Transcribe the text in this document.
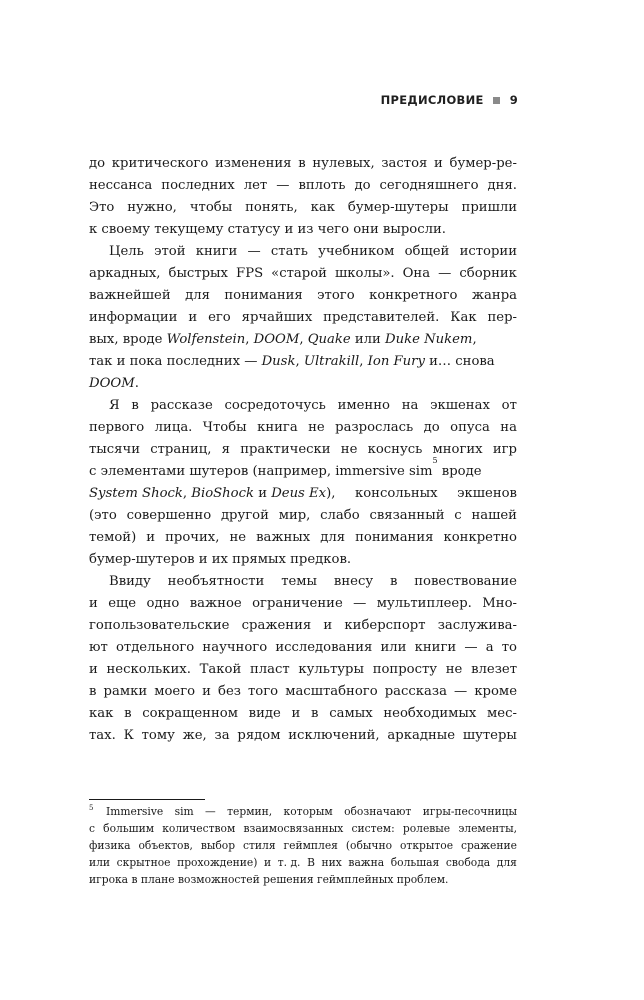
ПРЕДИСЛОВИЕ 9
до критического изменения в нулевых, застоя и бумер-ре-
нессанса последних лет — вплоть до сегодняшнего дня.
Это нужно, чтобы понять, как бумер-шутеры пришли
к своему текущему статусу и из чего они выросли.
Цель этой книги — стать учебником общей истории
аркадных, быстрых FPS «старой школы». Она — сборник
важнейшей для понимания этого конкретного жанра
информации и его ярчайших представителей. Как пер-
вых, вроде Wolfenstein , DOOM , Quake или Duke Nukem ,
так и пока последних — Dusk , Ultrakill , Ion Fury и… снова
DOOM .
Я в рассказе сосредоточусь именно на экшенах от
первого лица. Чтобы книга не разрослась до опуса на
тысячи страниц, я практически не коснусь многих игр
с элементами шутеров (например, immersive sim
5
вроде
System Shock, BioShock и Deus Ex), консольных экшенов
(это совершенно другой мир, слабо связанный с нашей
темой) и прочих, не важных для понимания конкретно
бумер-шутеров и их прямых предков.
Ввиду необъятности темы внесу в повествование
и еще одно важное ограничение — мультиплеер. Мно-
гопользовательские сражения и киберспорт заслужива-
ют отдельного научного исследования или книги — а то
и нескольких. Такой пласт культуры попросту не влезет
в рамки моего и без того масштабного рассказа — кроме
как в сокращенном виде и в самых необходимых мес-
тах. К тому же, за рядом исключений, аркадные шутеры
5 Immersive sim — термин, которым обозначают игры-песочницы
с большим количеством взаимосвязанных систем: ролевые элементы,
физика объектов, выбор стиля геймплея (обычно открытое сражение
или скрытное прохождение) и т. д. В них важна большая свобода для
игрока в плане возможностей решения геймплейных проблем.
